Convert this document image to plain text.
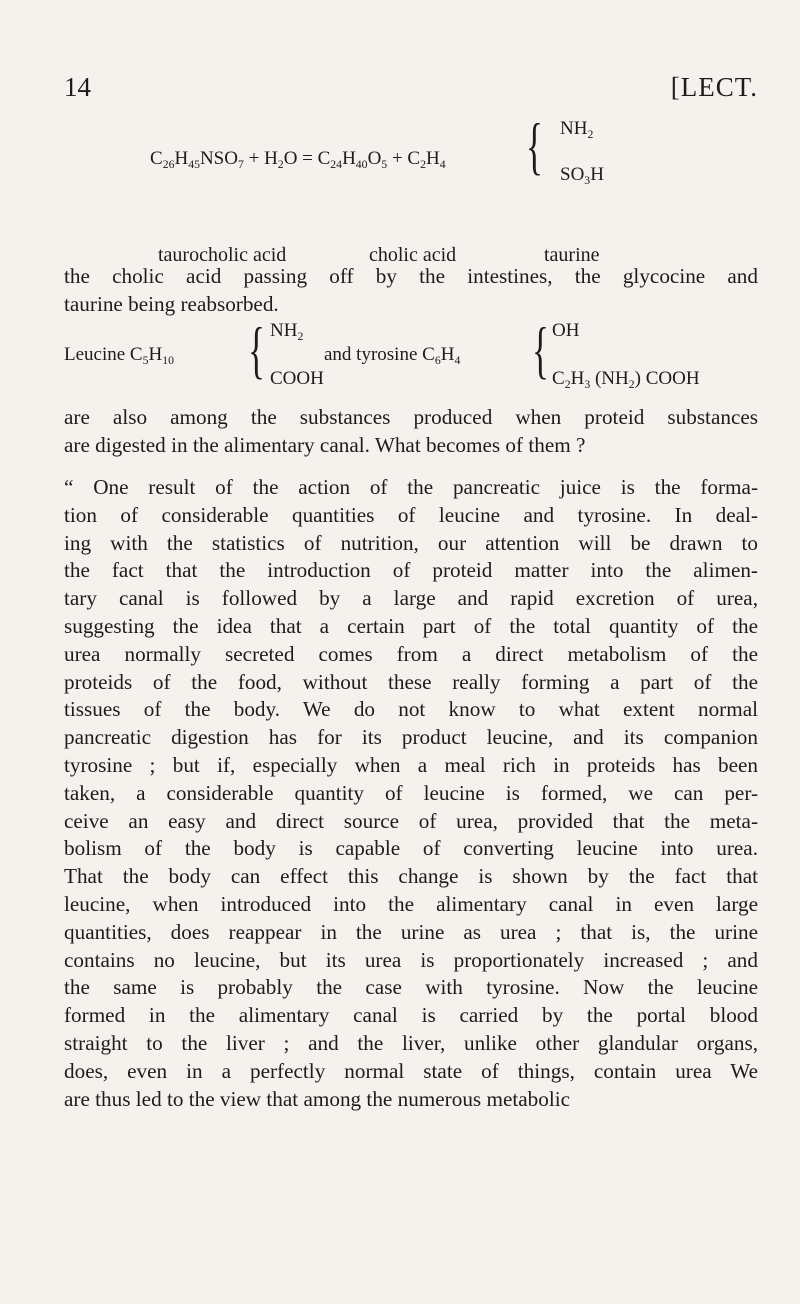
14	[LECT.
$C_{26}H_{45}NSO_7 + H_2O = C_{24}H_{40}O_5 + C_2H_4$ { $NH_2$
$SO_3H$
taurocholic acid	cholic acid	taurine
the cholic acid passing off by the intestines, the glycocine and
taurine being reabsorbed.
Leucine $C_5H_{10}$ { $NH_2$
COOH
and tyrosine $C_6H_4$ { OH
$C_2H_3$ $(NH_2)$ COOH
are also among the substances produced when proteid substances
are digested in the alimentary canal. What becomes of them ?
“ One result of the action of the pancreatic juice is the forma-
tion of considerable quantities of leucine and tyrosine. In deal-
ing with the statistics of nutrition, our attention will be drawn to
the fact that the introduction of proteid matter into the alimen-
tary canal is followed by a large and rapid excretion of urea,
suggesting the idea that a certain part of the total quantity of the
urea normally secreted comes from a direct metabolism of the
proteids of the food, without these really forming a part of the
tissues of the body. We do not know to what extent normal
pancreatic digestion has for its product leucine, and its companion
tyrosine ; but if, especially when a meal rich in proteids has been
taken, a considerable quantity of leucine is formed, we can per-
ceive an easy and direct source of urea, provided that the meta-
bolism of the body is capable of converting leucine into urea.
That the body can effect this change is shown by the fact that
leucine, when introduced into the alimentary canal in even large
quantities, does reappear in the urine as urea ; that is, the urine
contains no leucine, but its urea is proportionately increased ; and
the same is probably the case with tyrosine. Now the leucine
formed in the alimentary canal is carried by the portal blood
straight to the liver ; and the liver, unlike other glandular organs,
does, even in a perfectly normal state of things, contain urea We
are thus led to the view that among the numerous metabolic
